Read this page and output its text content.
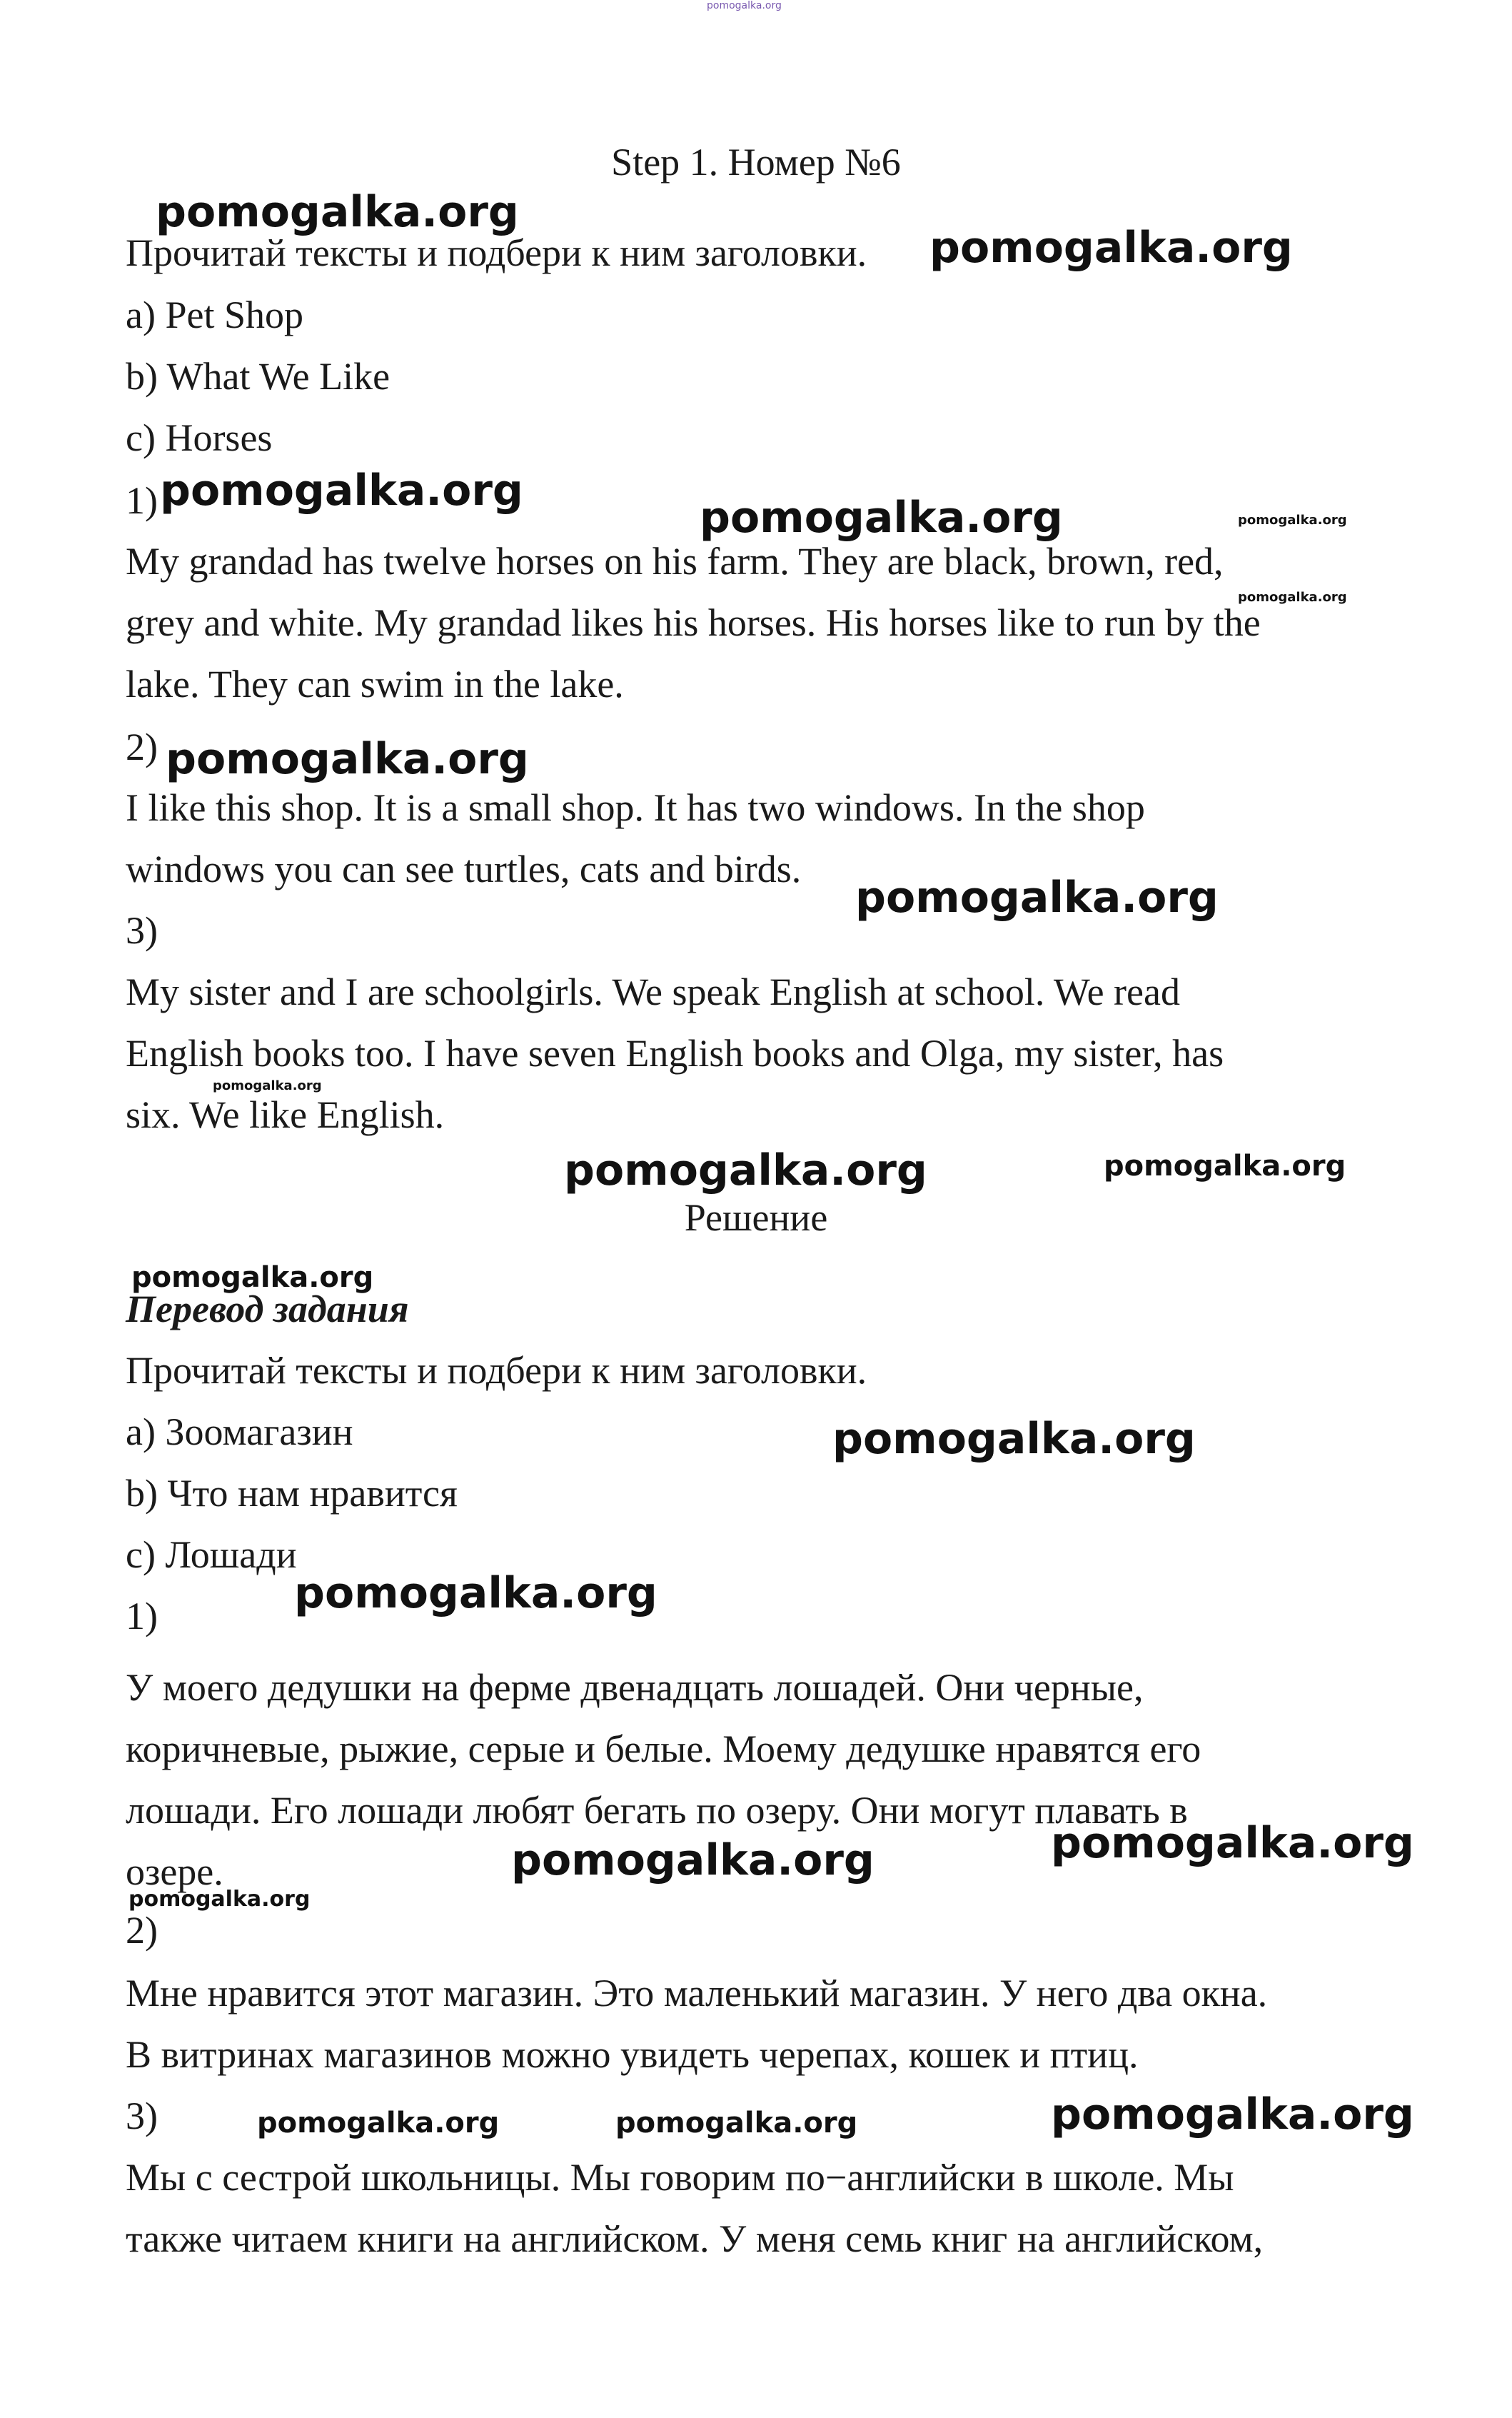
pomogalka.org
Step 1. Номер №6
Прочитай тексты и подбери к ним заголовки.
a) Pet Shop
b) What We Like
c) Horses
1)
My grandad has twelve horses on his farm. They are black, brown, red,
grey and white. My grandad likes his horses. His horses like to run by the
lake. They can swim in the lake.
2)
I like this shop. It is a small shop. It has two windows. In the shop
windows you can see turtles, cats and birds.
3)
My sister and I are schoolgirls. We speak English at school. We read
English books too. I have seven English books and Olga, my sister, has
six. We like English.
Решение
Перевод задания
Прочитай тексты и подбери к ним заголовки.
a) Зоомагазин
b) Что нам нравится
c) Лошади
1)
У моего дедушки на ферме двенадцать лошадей. Они черные,
коричневые, рыжие, серые и белые. Моему дедушке нравятся его
лошади. Его лошади любят бегать по озеру. Они могут плавать в
озере.
2)
Мне нравится этот магазин. Это маленький магазин. У него два окна.
В витринах магазинов можно увидеть черепах, кошек и птиц.
3)
Мы с сестрой школьницы. Мы говорим по−английски в школе. Мы
также читаем книги на английском. У меня семь книг на английском,
pomogalka.org
pomogalka.org
pomogalka.org
pomogalka.org	pomogalka.org
pomogalka.org
pomogalka.org
pomogalka.org
pomogalka.org
pomogalka.org	pomogalka.org
pomogalka.org
pomogalka.org
pomogalka.org
pomogalka.org	pomogalka.org
pomogalka.org
pomogalka.org	pomogalka.org	pomogalka.org
